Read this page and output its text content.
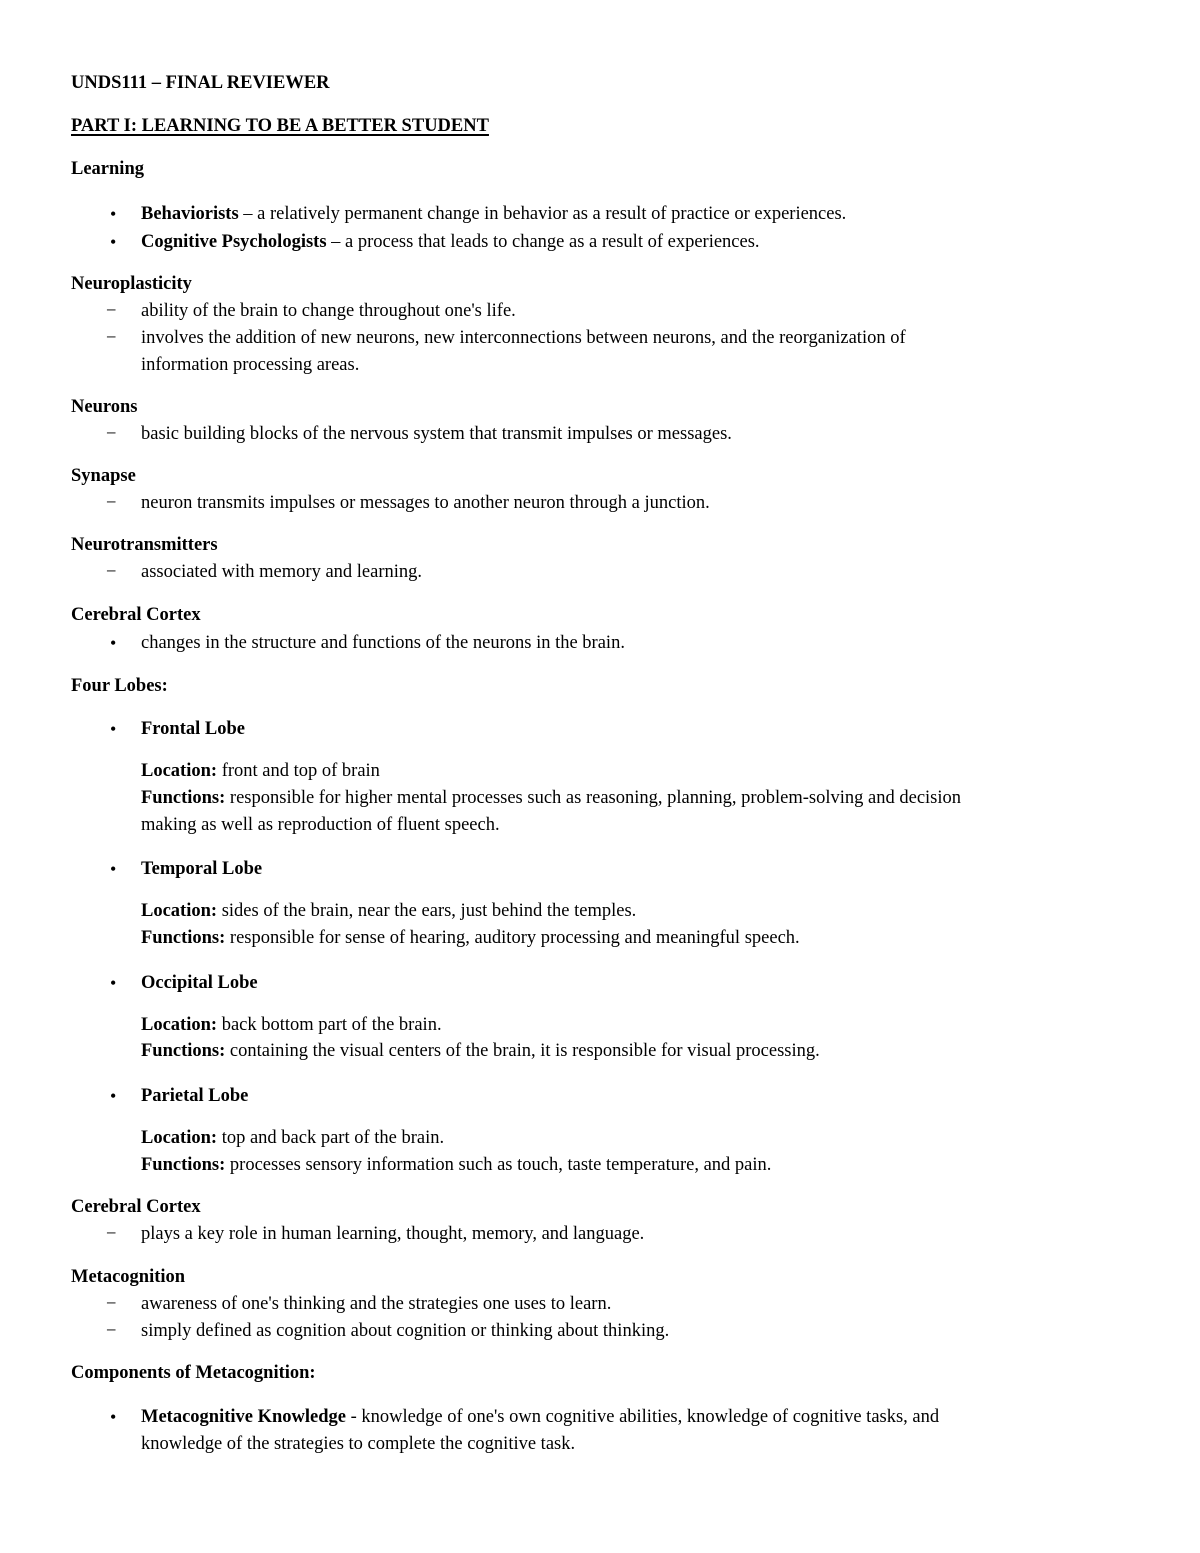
UNDS111 – FINAL REVIEWER
PART I: LEARNING TO BE A BETTER STUDENT
Learning
• Behaviorists – a relatively permanent change in behavior as a result of practice or experiences.
• Cognitive Psychologists – a process that leads to change as a result of experiences.
Neuroplasticity
− ability of the brain to change throughout one's life.
− involves the addition of new neurons, new interconnections between neurons, and the reorganization of
information processing areas.
Neurons
− basic building blocks of the nervous system that transmit impulses or messages.
Synapse
− neuron transmits impulses or messages to another neuron through a junction.
Neurotransmitters
− associated with memory and learning.
Cerebral Cortex
• changes in the structure and functions of the neurons in the brain.
Four Lobes:
• Frontal Lobe
Location: front and top of brain
Functions: responsible for higher mental processes such as reasoning, planning, problem-solving and decision
making as well as reproduction of fluent speech.
• Temporal Lobe
Location: sides of the brain, near the ears, just behind the temples.
Functions: responsible for sense of hearing, auditory processing and meaningful speech.
• Occipital Lobe
Location: back bottom part of the brain.
Functions: containing the visual centers of the brain, it is responsible for visual processing.
• Parietal Lobe
Location: top and back part of the brain.
Functions: processes sensory information such as touch, taste temperature, and pain.
Cerebral Cortex
− plays a key role in human learning, thought, memory, and language.
Metacognition
− awareness of one's thinking and the strategies one uses to learn.
− simply defined as cognition about cognition or thinking about thinking.
Components of Metacognition:
• Metacognitive Knowledge - knowledge of one's own cognitive abilities, knowledge of cognitive tasks, and
knowledge of the strategies to complete the cognitive task.
